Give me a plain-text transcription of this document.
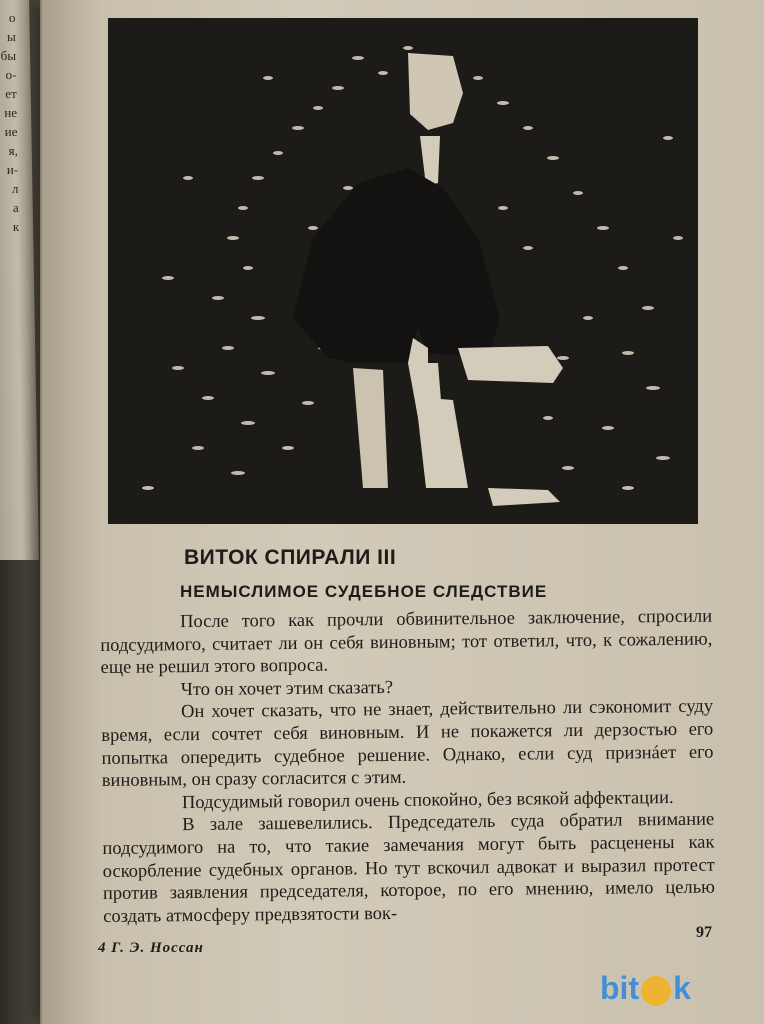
о
ы
бы
о-
ет
не
ие
я,
и-
л
а
к
ВИТОК СПИРАЛИ III
НЕМЫСЛИМОЕ СУДЕБНОЕ СЛЕДСТВИЕ

После того как прочли обвинительное заключение, спросили подсудимого, считает ли он себя виновным; тот ответил, что, к сожалению, еще не решил этого вопроса.

Что он хочет этим сказать?

Он хочет сказать, что не знает, действительно ли сэкономит суду время, если сочтет себя виновным. И не покажется ли дерзостью его попытка опередить судебное решение. Однако, если суд признáет его виновным, он сразу согласится с этим.

Подсудимый говорил очень спокойно, без всякой аффектации.

В зале зашевелились. Председатель суда обратил внимание подсудимого на то, что такие замечания могут быть расценены как оскорбление судебных органов. Но тут вскочил адвокат и выразил протест против заявления председателя, которое, по его мнению, имело целью создать атмосферу предвзятости вок-

4 Г. Э. Носсан
97
bit k
